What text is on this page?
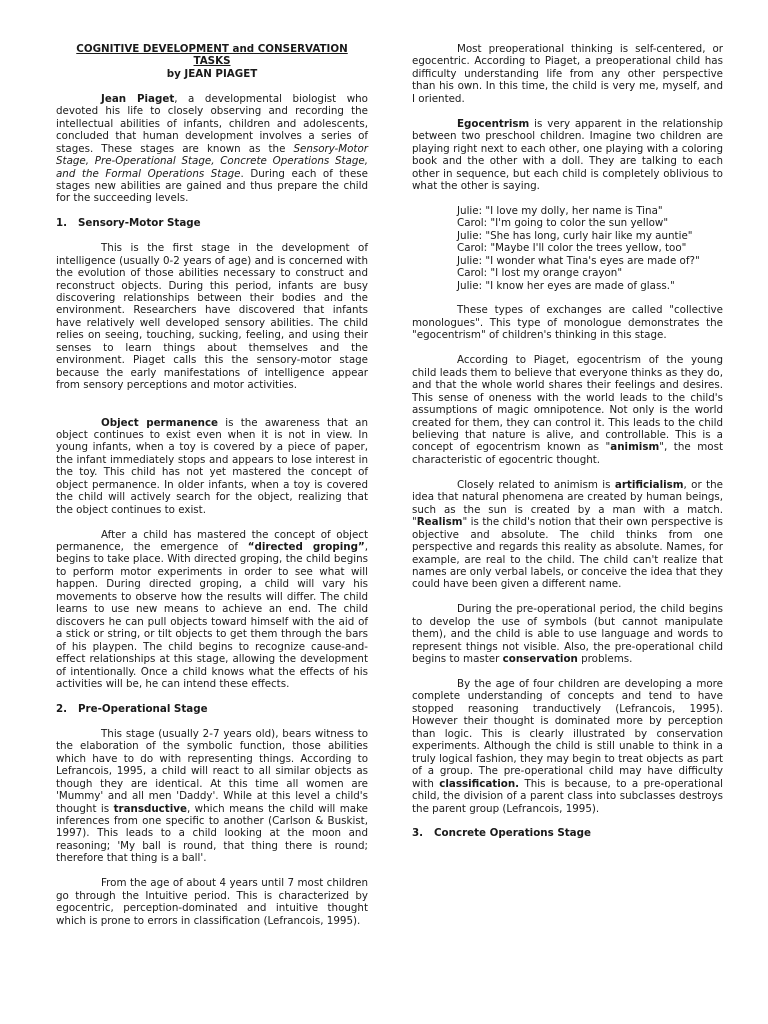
COGNITIVE DEVELOPMENT and CONSERVATION TASKS

by JEAN PIAGET

Jean Piaget, a developmental biologist who devoted his life to closely observing and recording the intellectual abilities of infants, children and adolescents, concluded that human development involves a series of stages. These stages are known as the Sensory-Motor Stage, Pre-Operational Stage, Concrete Operations Stage, and the Formal Operations Stage. During each of these stages new abilities are gained and thus prepare the child for the succeeding levels.

1. Sensory-Motor Stage

This is the first stage in the development of intelligence (usually 0-2 years of age) and is concerned with the evolution of those abilities necessary to construct and reconstruct objects. During this period, infants are busy discovering relationships between their bodies and the environment. Researchers have discovered that infants have relatively well developed sensory abilities. The child relies on seeing, touching, sucking, feeling, and using their senses to learn things about themselves and the environment. Piaget calls this the sensory-motor stage because the early manifestations of intelligence appear from sensory perceptions and motor activities.

Object permanence is the awareness that an object continues to exist even when it is not in view. In young infants, when a toy is covered by a piece of paper, the infant immediately stops and appears to lose interest in the toy. This child has not yet mastered the concept of object permanence. In older infants, when a toy is covered the child will actively search for the object, realizing that the object continues to exist.

After a child has mastered the concept of object permanence, the emergence of “directed groping”, begins to take place. With directed groping, the child begins to perform motor experiments in order to see what will happen. During directed groping, a child will vary his movements to observe how the results will differ. The child learns to use new means to achieve an end. The child discovers he can pull objects toward himself with the aid of a stick or string, or tilt objects to get them through the bars of his playpen. The child begins to recognize cause-and-effect relationships at this stage, allowing the development of intentionally. Once a child knows what the effects of his activities will be, he can intend these effects.

2. Pre-Operational Stage

This stage (usually 2-7 years old), bears witness to the elaboration of the symbolic function, those abilities which have to do with representing things. According to Lefrancois, 1995, a child will react to all similar objects as though they are identical. At this time all women are 'Mummy' and all men 'Daddy'. While at this level a child's thought is transductive, which means the child will make inferences from one specific to another (Carlson & Buskist, 1997). This leads to a child looking at the moon and reasoning; 'My ball is round, that thing there is round; therefore that thing is a ball'.

From the age of about 4 years until 7 most children go through the Intuitive period. This is characterized by egocentric, perception-dominated and intuitive thought which is prone to errors in classification (Lefrancois, 1995).

Most preoperational thinking is self-centered, or egocentric. According to Piaget, a preoperational child has difficulty understanding life from any other perspective than his own. In this time, the child is very me, myself, and I oriented.

Egocentrism is very apparent in the relationship between two preschool children. Imagine two children are playing right next to each other, one playing with a coloring book and the other with a doll. They are talking to each other in sequence, but each child is completely oblivious to what the other is saying.

Julie: "I love my dolly, her name is Tina"
Carol: "I'm going to color the sun yellow"
Julie: "She has long, curly hair like my auntie"
Carol: "Maybe I'll color the trees yellow, too"
Julie: "I wonder what Tina's eyes are made of?"
Carol: "I lost my orange crayon"
Julie: "I know her eyes are made of glass."

These types of exchanges are called "collective monologues". This type of monologue demonstrates the "egocentrism" of children's thinking in this stage.

According to Piaget, egocentrism of the young child leads them to believe that everyone thinks as they do, and that the whole world shares their feelings and desires. This sense of oneness with the world leads to the child's assumptions of magic omnipotence. Not only is the world created for them, they can control it. This leads to the child believing that nature is alive, and controllable. This is a concept of egocentrism known as "animism", the most characteristic of egocentric thought.

Closely related to animism is artificialism, or the idea that natural phenomena are created by human beings, such as the sun is created by a man with a match. "Realism" is the child's notion that their own perspective is objective and absolute. The child thinks from one perspective and regards this reality as absolute. Names, for example, are real to the child. The child can't realize that names are only verbal labels, or conceive the idea that they could have been given a different name.

During the pre-operational period, the child begins to develop the use of symbols (but cannot manipulate them), and the child is able to use language and words to represent things not visible. Also, the pre-operational child begins to master conservation problems.

By the age of four children are developing a more complete understanding of concepts and tend to have stopped reasoning tranductively (Lefrancois, 1995). However their thought is dominated more by perception than logic. This is clearly illustrated by conservation experiments. Although the child is still unable to think in a truly logical fashion, they may begin to treat objects as part of a group. The pre-operational child may have difficulty with classification. This is because, to a pre-operational child, the division of a parent class into subclasses destroys the parent group (Lefrancois, 1995).

3. Concrete Operations Stage
